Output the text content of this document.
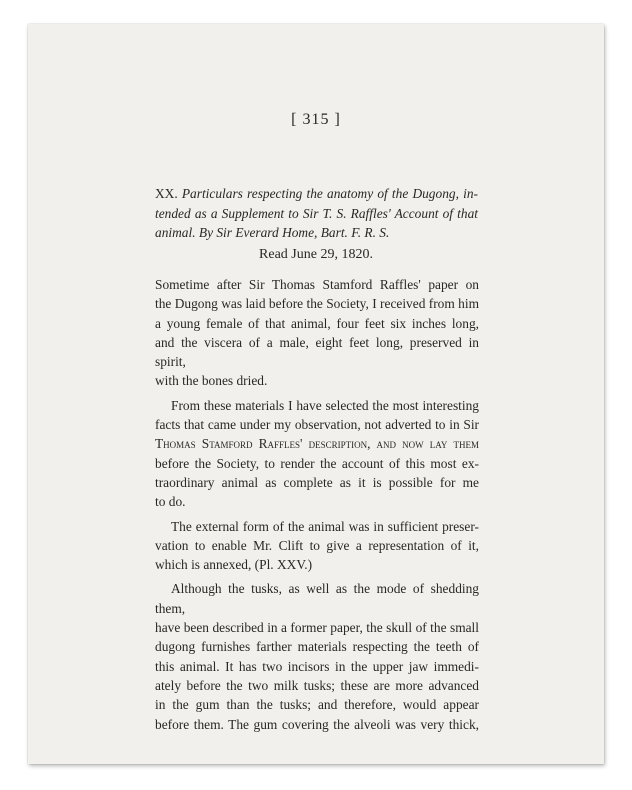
[ 315 ]
XX. Particulars respecting the anatomy of the Dugong, in-
tended as a Supplement to Sir T. S. Raffles' Account of that
animal. By Sir Everard Home, Bart. F. R. S.
Read June 29, 1820.

Sometime after Sir Thomas Stamford Raffles' paper on
the Dugong was laid before the Society, I received from him
a young female of that animal, four feet six inches long,
and the viscera of a male, eight feet long, preserved in spirit,
with the bones dried.

From these materials I have selected the most interesting
facts that came under my observation, not adverted to in Sir
Thomas Stamford Raffles' description, and now lay them
before the Society, to render the account of this most ex-
traordinary animal as complete as it is possible for me
to do.

The external form of the animal was in sufficient preser-
vation to enable Mr. Clift to give a representation of it,
which is annexed, (Pl. XXV.)

Although the tusks, as well as the mode of shedding them,
have been described in a former paper, the skull of the small
dugong furnishes farther materials respecting the teeth of
this animal. It has two incisors in the upper jaw immedi-
ately before the two milk tusks; these are more advanced
in the gum than the tusks; and therefore, would appear
before them. The gum covering the alveoli was very thick,
